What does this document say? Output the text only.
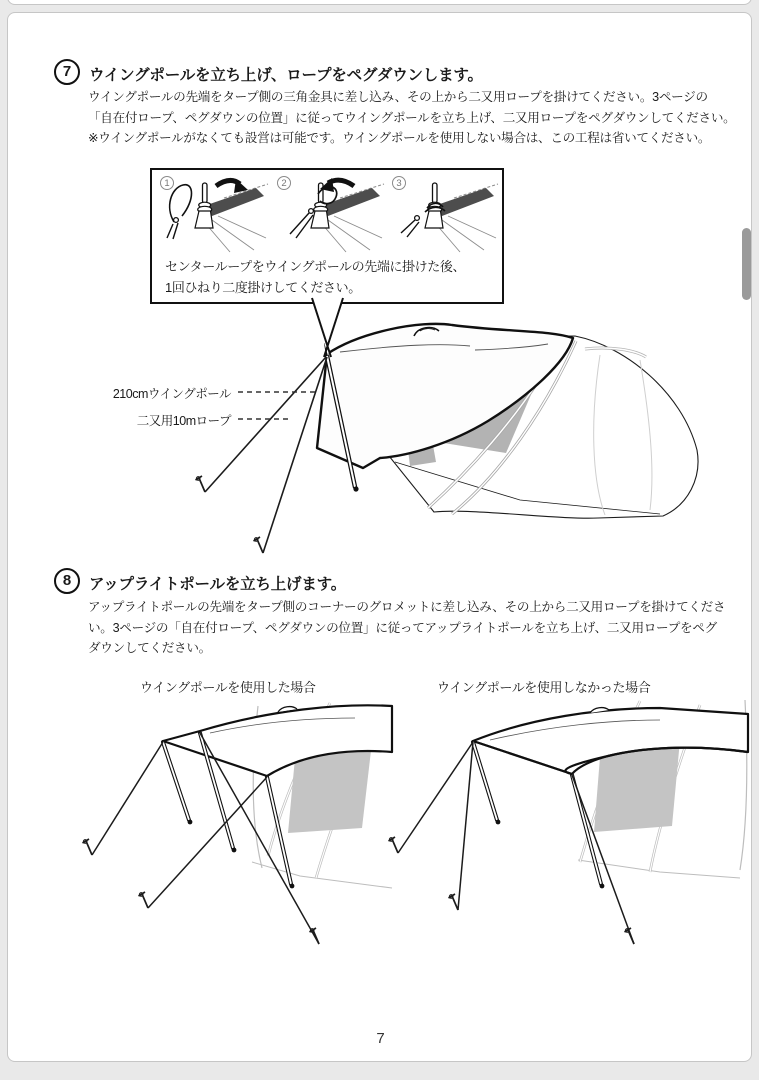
7	ウイングポールを立ち上げ、ロープをペグダウンします。
ウイングポールの先端をタープ側の三角金具に差し込み、その上から二又用ロープを掛けてください。3ページの
「自在付ロープ、ペグダウンの位置」に従ってウイングポールを立ち上げ、二又用ロープをペグダウンしてください。
※ウイングポールがなくても設営は可能です。ウイングポールを使用しない場合は、この工程は省いてください。
1	2	3
センターループをウイングポールの先端に掛けた後、
1回ひねり二度掛けしてください。
210cmウイングポール
二又用10mロープ
8	アップライトポールを立ち上げます。
アップライトポールの先端をタープ側のコーナーのグロメットに差し込み、その上から二又用ロープを掛けてくださ
い。3ページの「自在付ロープ、ペグダウンの位置」に従ってアップライトポールを立ち上げ、二又用ロープをペグ
ダウンしてください。
ウイングポールを使用した場合	ウイングポールを使用しなかった場合
7
